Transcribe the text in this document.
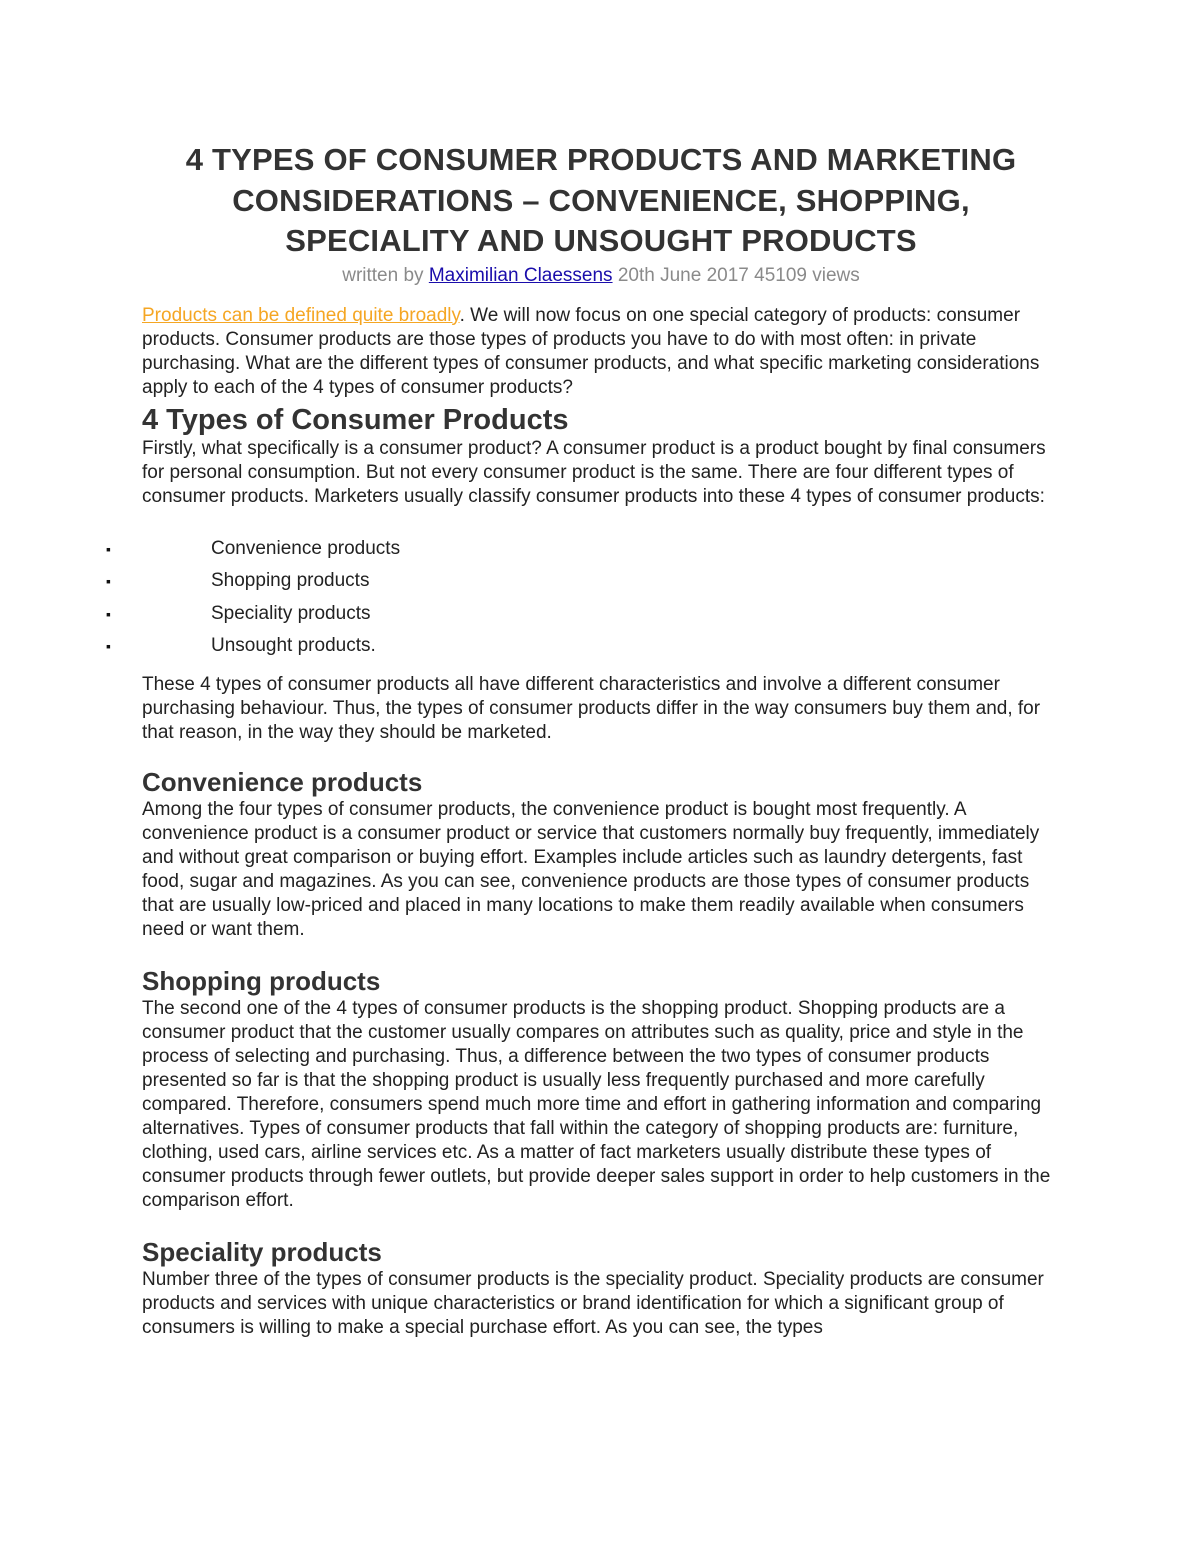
4 TYPES OF CONSUMER PRODUCTS AND MARKETING CONSIDERATIONS – CONVENIENCE, SHOPPING, SPECIALITY AND UNSOUGHT PRODUCTS
written by Maximilian Claessens 20th June 2017 45109 views

Products can be defined quite broadly. We will now focus on one special category of products: consumer products. Consumer products are those types of products you have to do with most often: in private purchasing. What are the different types of consumer products, and what specific marketing considerations apply to each of the 4 types of consumer products?

4 Types of Consumer Products

Firstly, what specifically is a consumer product? A consumer product is a product bought by final consumers for personal consumption. But not every consumer product is the same. There are four different types of consumer products. Marketers usually classify consumer products into these 4 types of consumer products:

▪	Convenience products
▪	Shopping products
▪	Speciality products
▪	Unsought products.

These 4 types of consumer products all have different characteristics and involve a different consumer purchasing behaviour. Thus, the types of consumer products differ in the way consumers buy them and, for that reason, in the way they should be marketed.

Convenience products

Among the four types of consumer products, the convenience product is bought most frequently. A convenience product is a consumer product or service that customers normally buy frequently, immediately and without great comparison or buying effort. Examples include articles such as laundry detergents, fast food, sugar and magazines. As you can see, convenience products are those types of consumer products that are usually low-priced and placed in many locations to make them readily available when consumers need or want them.

Shopping products

The second one of the 4 types of consumer products is the shopping product. Shopping products are a consumer product that the customer usually compares on attributes such as quality, price and style in the process of selecting and purchasing. Thus, a difference between the two types of consumer products presented so far is that the shopping product is usually less frequently purchased and more carefully compared. Therefore, consumers spend much more time and effort in gathering information and comparing alternatives. Types of consumer products that fall within the category of shopping products are: furniture, clothing, used cars, airline services etc. As a matter of fact marketers usually distribute these types of consumer products through fewer outlets, but provide deeper sales support in order to help customers in the comparison effort.

Speciality products

Number three of the types of consumer products is the speciality product. Speciality products are consumer products and services with unique characteristics or brand identification for which a significant group of consumers is willing to make a special purchase effort. As you can see, the types
